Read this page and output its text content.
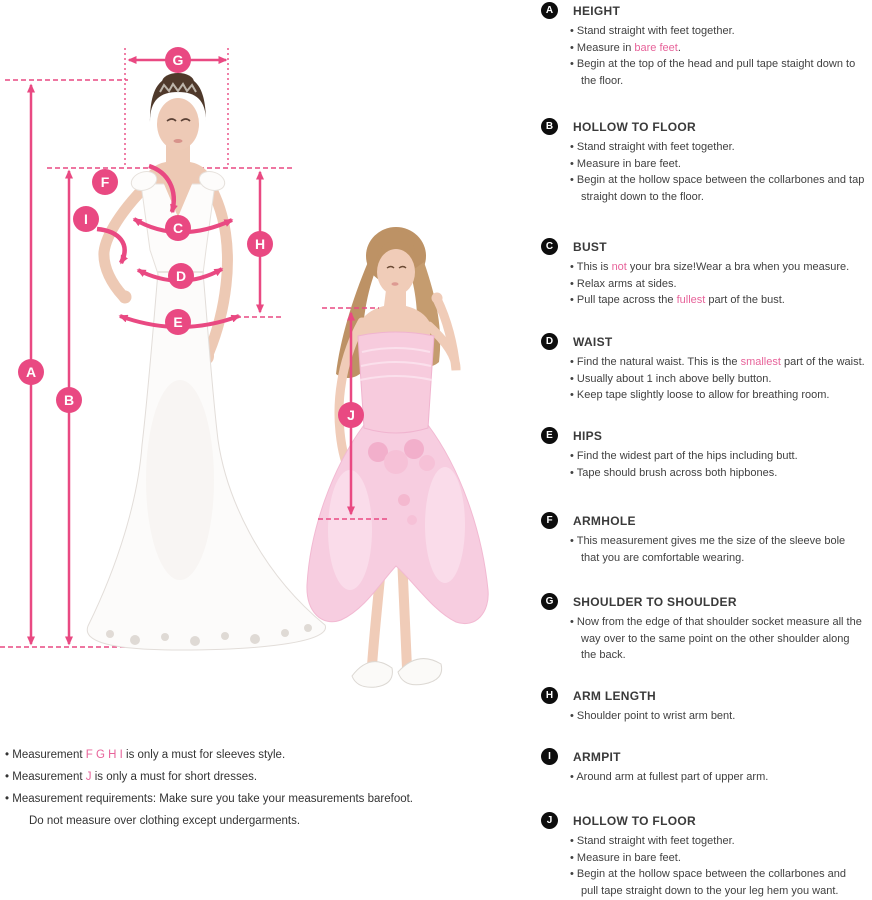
A
B
C
D
E
F
G
H
I
J
A	HEIGHT
• Stand straight with feet together.
• Measure in bare feet.
• Begin at the top of the head and pull tape staight down to the floor.
B	HOLLOW TO FLOOR
• Stand straight with feet together.
• Measure in bare feet.
• Begin at the hollow space between the collarbones and tap straight down to the floor.
C	BUST
• This is not your bra size!Wear a bra when you measure.
• Relax arms at sides.
• Pull tape across the fullest part of the bust.
D	WAIST
• Find the natural waist. This is the smallest part of the waist.
• Usually about 1 inch above belly button.
• Keep tape slightly loose to allow for breathing room.
E	HIPS
• Find the widest part of the hips including butt.
• Tape should brush across both hipbones.
F	ARMHOLE
• This measurement gives me the size of the sleeve bole that you are comfortable wearing.
G	SHOULDER TO SHOULDER
• Now from the edge of that shoulder socket measure all the way over to the same point on the other shoulder along the back.
H	ARM LENGTH
• Shoulder point to wrist arm bent.
I	ARMPIT
• Around arm at fullest part of upper arm.
J	HOLLOW TO FLOOR
• Stand straight with feet together.
• Measure in bare feet.
• Begin at the hollow space between the collarbones and pull tape straight down to the your leg hem you want.
• Measurement F G H I is only a must for sleeves style.
• Measurement J is only a must for short dresses.
• Measurement requirements: Make sure you take your measurements barefoot.
Do not measure over clothing except undergarments.
